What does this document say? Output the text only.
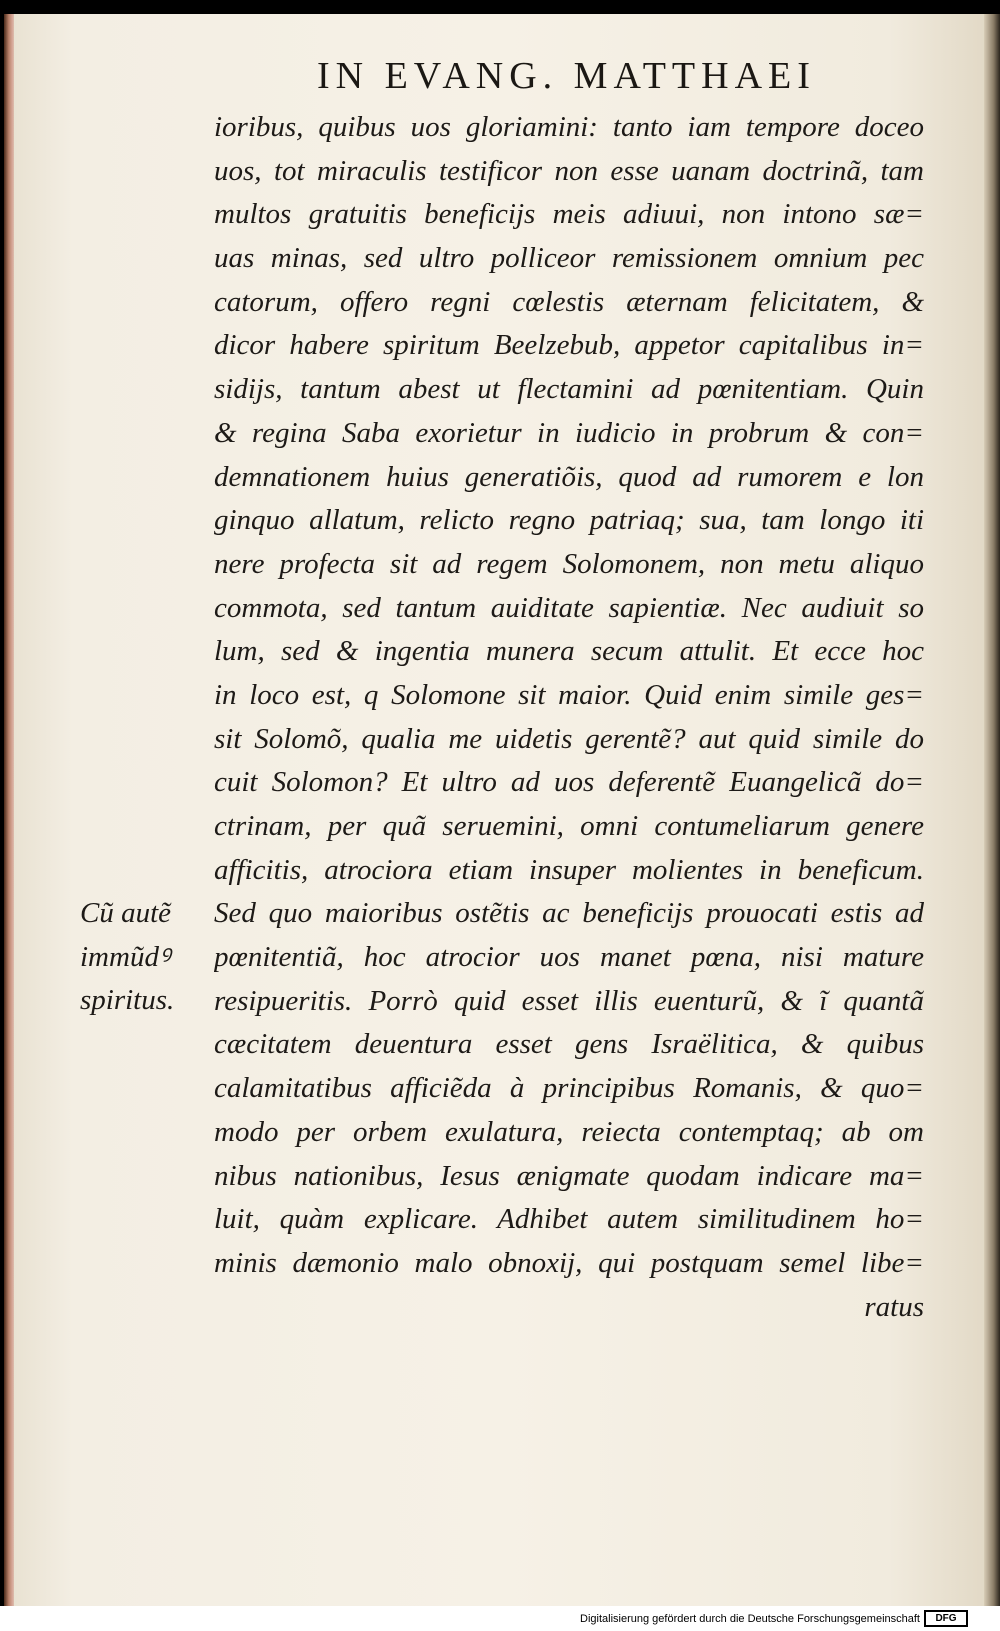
IN EVANG. MATTHAEI
ioribus, quibus uos gloriamini: tanto iam tempore doceo
uos, tot miraculis testificor non esse uanam doctrinã, tam
multos gratuitis beneficijs meis adiuui, non intono sæ=
uas minas, sed ultro polliceor remissionem omnium pec
catorum, offero regni cœlestis æternam felicitatem, &
dicor habere spiritum Beelzebub, appetor capitalibus in=
sidijs, tantum abest ut flectamini ad pœnitentiam. Quin
& regina Saba exorietur in iudicio in probrum & con=
demnationem huius generatiõis, quod ad rumorem e lon
ginquo allatum, relicto regno patriaq; sua, tam longo iti
nere profecta sit ad regem Solomonem, non metu aliquo
commota, sed tantum auiditate sapientiæ. Nec audiuit so
lum, sed & ingentia munera secum attulit. Et ecce hoc
in loco est, q Solomone sit maior. Quid enim simile ges=
sit Solomõ, qualia me uidetis gerentẽ? aut quid simile do
cuit Solomon? Et ultro ad uos deferentẽ Euangelicã do=
ctrinam, per quã seruemini, omni contumeliarum genere
afficitis, atrociora etiam insuper molientes in beneficum.
Sed quo maioribus ostẽtis ac beneficijs prouocati estis ad
pœnitentiã, hoc atrocior uos manet pœna, nisi mature
resipueritis. Porrò quid esset illis euenturũ, & ĩ quantã
cæcitatem deuentura esset gens Israëlitica, & quibus
calamitatibus afficiẽda à principibus Romanis, & quo=
modo per orbem exulatura, reiecta contemptaq; ab om
nibus nationibus, Iesus ænigmate quodam indicare ma=
luit, quàm explicare. Adhibet autem similitudinem ho=
minis dæmonio malo obnoxij, qui postquam semel libe=
ratus
Cũ autẽ
immũdꝰ
spiritus.
Digitalisierung gefördert durch die Deutsche Forschungsgemeinschaft	DFG
